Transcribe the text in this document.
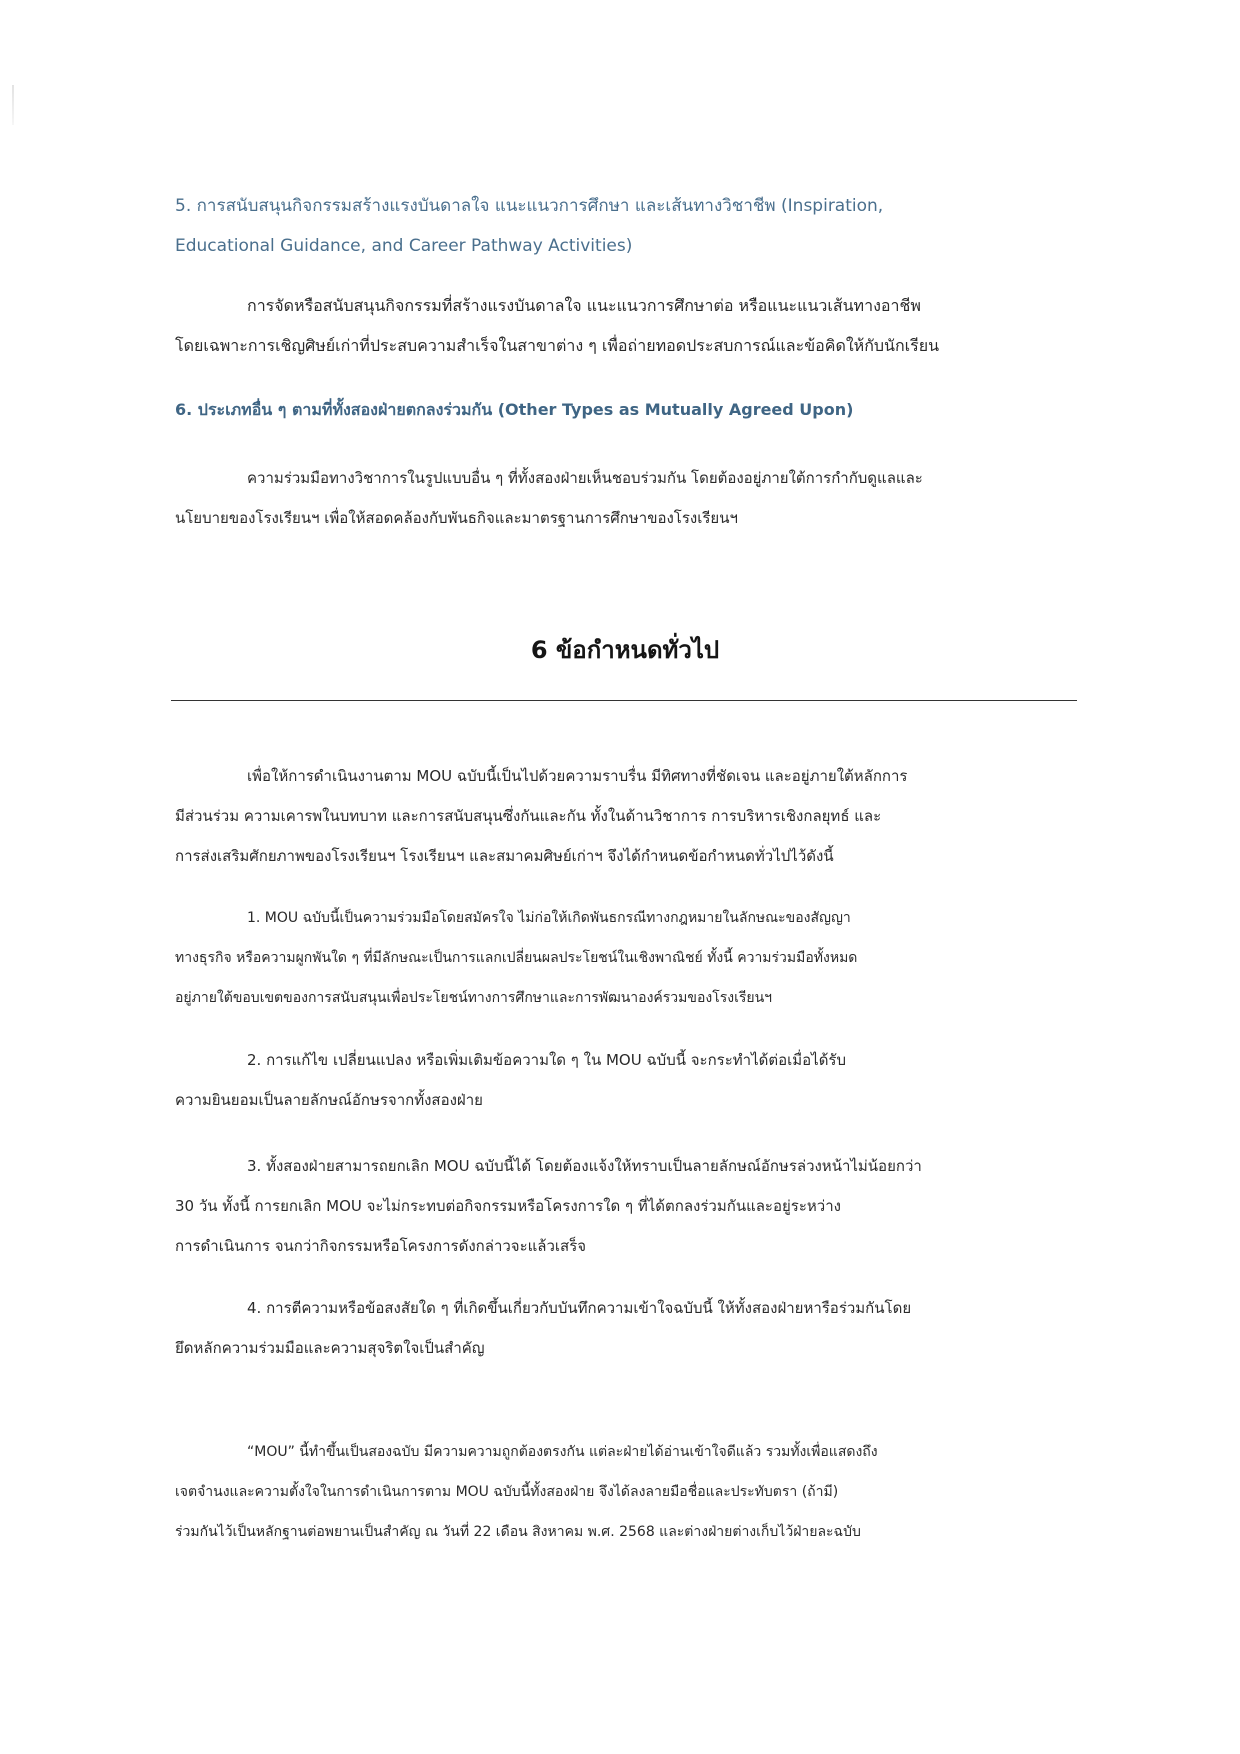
5. การสนับสนุนกิจกรรมสร้างแรงบันดาลใจ แนะแนวการศึกษา และเส้นทางวิชาชีพ (Inspiration,
Educational Guidance, and Career Pathway Activities)
การจัดหรือสนับสนุนกิจกรรมที่สร้างแรงบันดาลใจ แนะแนวการศึกษาต่อ หรือแนะแนวเส้นทางอาชีพ
โดยเฉพาะการเชิญศิษย์เก่าที่ประสบความสำเร็จในสาขาต่าง ๆ เพื่อถ่ายทอดประสบการณ์และข้อคิดให้กับนักเรียน
6. ประเภทอื่น ๆ ตามที่ทั้งสองฝ่ายตกลงร่วมกัน (Other Types as Mutually Agreed Upon)
ความร่วมมือทางวิชาการในรูปแบบอื่น ๆ ที่ทั้งสองฝ่ายเห็นชอบร่วมกัน โดยต้องอยู่ภายใต้การกำกับดูแลและ
นโยบายของโรงเรียนฯ เพื่อให้สอดคล้องกับพันธกิจและมาตรฐานการศึกษาของโรงเรียนฯ
6 ข้อกำหนดทั่วไป
เพื่อให้การดำเนินงานตาม MOU ฉบับนี้เป็นไปด้วยความราบรื่น มีทิศทางที่ชัดเจน และอยู่ภายใต้หลักการ
มีส่วนร่วม ความเคารพในบทบาท และการสนับสนุนซึ่งกันและกัน ทั้งในด้านวิชาการ การบริหารเชิงกลยุทธ์ และ
การส่งเสริมศักยภาพของโรงเรียนฯ โรงเรียนฯ และสมาคมศิษย์เก่าฯ จึงได้กำหนดข้อกำหนดทั่วไปไว้ดังนี้
1. MOU ฉบับนี้เป็นความร่วมมือโดยสมัครใจ ไม่ก่อให้เกิดพันธกรณีทางกฎหมายในลักษณะของสัญญา
ทางธุรกิจ หรือความผูกพันใด ๆ ที่มีลักษณะเป็นการแลกเปลี่ยนผลประโยชน์ในเชิงพาณิชย์ ทั้งนี้ ความร่วมมือทั้งหมด
อยู่ภายใต้ขอบเขตของการสนับสนุนเพื่อประโยชน์ทางการศึกษาและการพัฒนาองค์รวมของโรงเรียนฯ
2. การแก้ไข เปลี่ยนแปลง หรือเพิ่มเติมข้อความใด ๆ ใน MOU ฉบับนี้ จะกระทำได้ต่อเมื่อได้รับ
ความยินยอมเป็นลายลักษณ์อักษรจากทั้งสองฝ่าย
3. ทั้งสองฝ่ายสามารถยกเลิก MOU ฉบับนี้ได้ โดยต้องแจ้งให้ทราบเป็นลายลักษณ์อักษรล่วงหน้าไม่น้อยกว่า
30 วัน ทั้งนี้ การยกเลิก MOU จะไม่กระทบต่อกิจกรรมหรือโครงการใด ๆ ที่ได้ตกลงร่วมกันและอยู่ระหว่าง
การดำเนินการ จนกว่ากิจกรรมหรือโครงการดังกล่าวจะแล้วเสร็จ
4. การตีความหรือข้อสงสัยใด ๆ ที่เกิดขึ้นเกี่ยวกับบันทึกความเข้าใจฉบับนี้ ให้ทั้งสองฝ่ายหารือร่วมกันโดย
ยึดหลักความร่วมมือและความสุจริตใจเป็นสำคัญ
“MOU” นี้ทำขึ้นเป็นสองฉบับ มีความความถูกต้องตรงกัน แต่ละฝ่ายได้อ่านเข้าใจดีแล้ว รวมทั้งเพื่อแสดงถึง
เจตจำนงและความตั้งใจในการดำเนินการตาม MOU ฉบับนี้ทั้งสองฝ่าย จึงได้ลงลายมือชื่อและประทับตรา (ถ้ามี)
ร่วมกันไว้เป็นหลักฐานต่อพยานเป็นสำคัญ ณ วันที่ 22 เดือน สิงหาคม พ.ศ. 2568 และต่างฝ่ายต่างเก็บไว้ฝ่ายละฉบับ
